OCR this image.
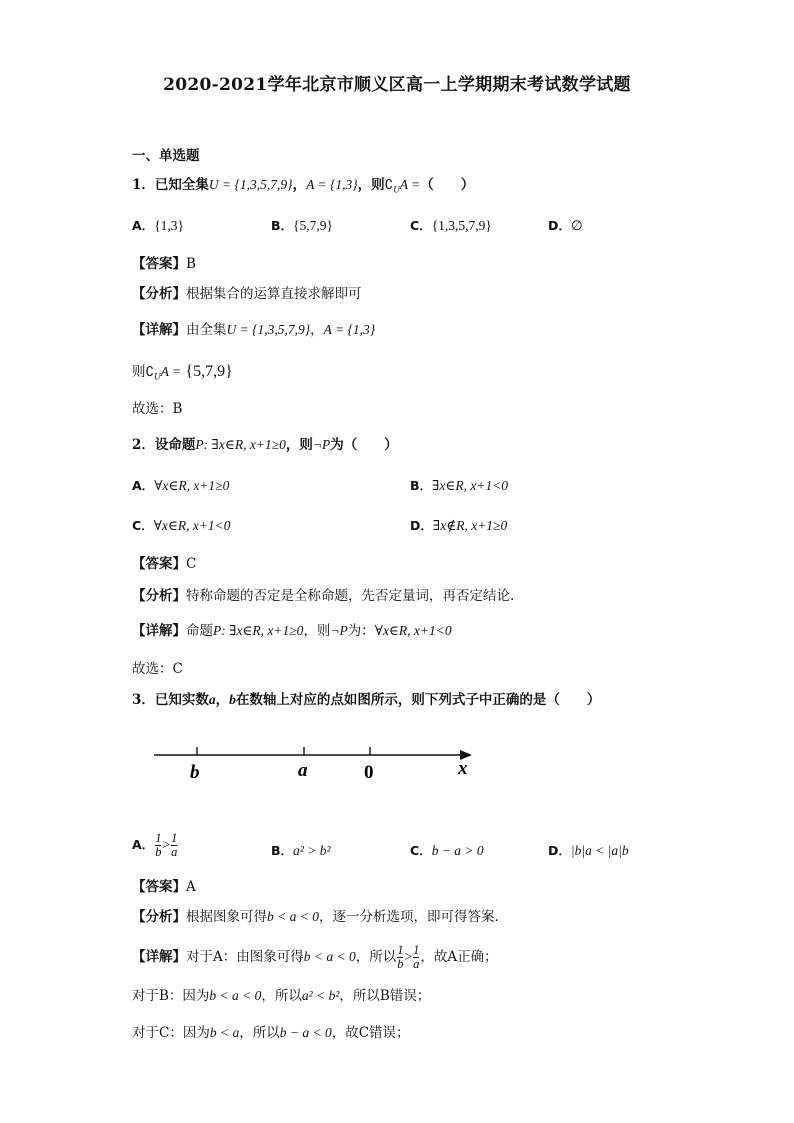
2020-2021学年北京市顺义区高一上学期期末考试数学试题
一、单选题
1．已知全集U = {1,3,5,7,9}，A = {1,3}，则$∁_UA$ =（　　）
A．{1,3}	B．{5,7,9}	C．{1,3,5,7,9}	D．∅
【答案】B
【分析】根据集合的运算直接求解即可
【详解】由全集U = {1,3,5,7,9}，A = {1,3}
则$∁_UA = \{5,7,9\}$
故选：B
2．设命题P: ∃x∈R, x+1≥0，则¬P为（　　）
A．∀x∈R, x+1≥0	B．∃x∈R, x+1<0
C．∀x∈R, x+1<0	D．∃x∉R, x+1≥0
【答案】C
【分析】特称命题的否定是全称命题，先否定量词，再否定结论.
【详解】命题P: ∃x∈R, x+1≥0，则¬P为：∀x∈R, x+1<0
故选：C
3．已知实数a，b在数轴上对应的点如图所示，则下列式子中正确的是（　　）
b	a	0	x
A． $\frac{1}{b} > \frac{1}{a}$	B．a² > b²	C．b − a > 0	D．|b|a < |a|b
【答案】A
【分析】根据图象可得b < a < 0，逐一分析选项，即可得答案.
【详解】对于A：由图象可得b < a < 0，所以 $\frac{1}{b} > \frac{1}{a}$ ，故A正确；
对于B：因为b < a < 0，所以a² < b²，所以B错误；
对于C：因为b < a，所以b − a < 0，故C错误；
